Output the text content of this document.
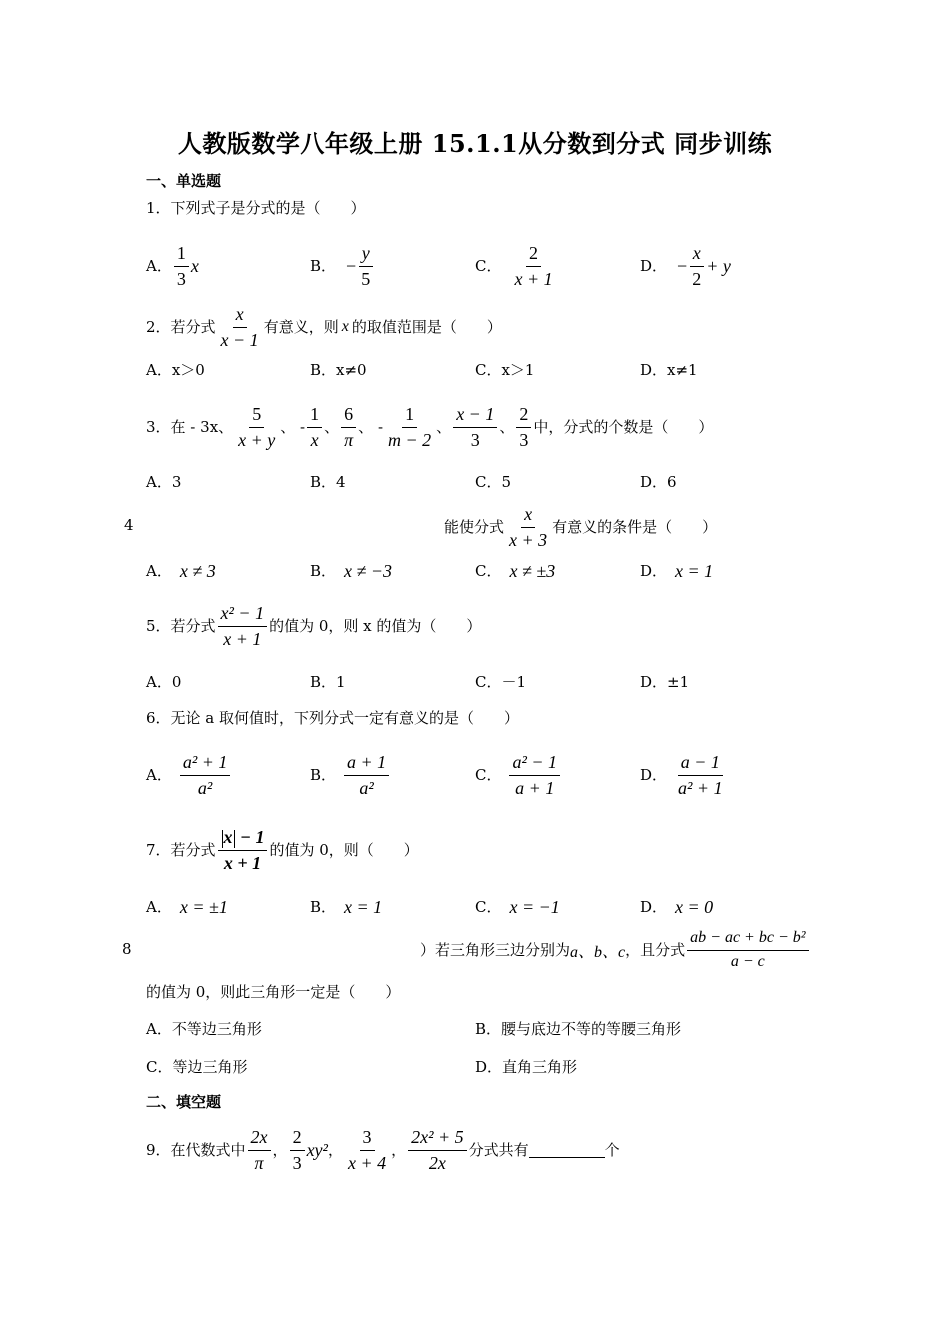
人教版数学八年级上册 15.1.1从分数到分式 同步训练
一、单选题
1．下列式子是分式的是（　　）
A． $\frac{1}{3}$ x	B． − $\frac{y}{5}$	C． $\frac{2}{x + 1}$	D． − $\frac{x}{2} + y$
2．若分式 $\frac{x}{x - 1}$ 有意义，则 x 的取值范围是（　　）
A．x＞0	B．x≠0	C．x＞1	D．x≠1
3．在 - 3x、 $\frac{5}{x + y}$ 、 - $\frac{1}{x}$ 、 $\frac{6}{\pi}$ 、 - $\frac{1}{m - 2}$ 、 $\frac{x - 1}{3}$ 、 $\frac{2}{3}$ 中，分式的个数是（　　）
A．3	B．4	C．5	D．6
4	能使分式 $\frac{x}{x + 3}$ 有意义的条件是（　　）
A． x ≠ 3	B． x ≠ −3	C． x ≠ ±3	D． x = 1
5．若分式 $\frac{\text{x² − 1}}{x + 1}$ 的值为 0，则 x 的值为（　　）
A．0	B．1	C．－1	D．±1
6．无论 a 取何值时，下列分式一定有意义的是（　　）
A． $\frac{\text{a² + 1}}{\text{a²}}$	B． $\frac{a + 1}{\text{a²}}$	C． $\frac{\text{a² − 1}}{a + 1}$	D． $\frac{a - 1}{\text{a² + 1}}$
7．若分式 $\frac{x - 1}{x + 1}$ 的值为 0，则（　　）
A． x = ±1	B． x = 1	C． x = −1	D． x = 0
8	）若三角形三边分别为 a、b、c ，且分式 $\frac{\text{ab − ac + bc − b²}}{a - c}$
的值为 0，则此三角形一定是（　　）
A．不等边三角形	B．腰与底边不等的等腰三角形
C．等边三角形	D．直角三角形
二、填空题
9．在代数式中 $\frac{2x}{\pi}$ ， $\frac{2}{3} xy^2$ ， $\frac{3}{x + 4}$ ， $\frac{\text{2x² + 5}}{2x}$ 分式共有	个
